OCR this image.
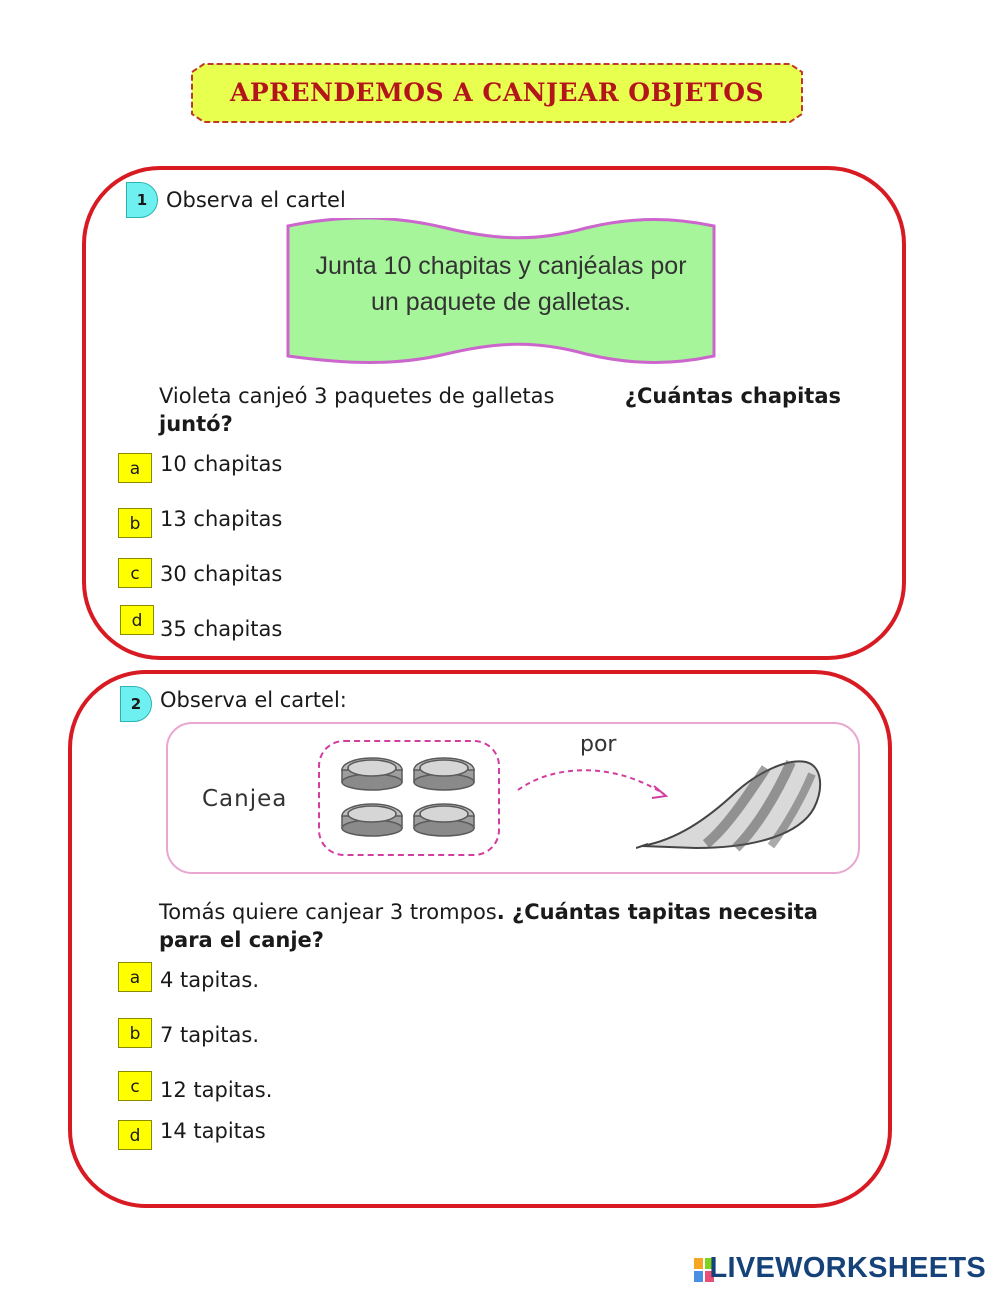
APRENDEMOS A CANJEAR OBJETOS
1 Observa el cartel
Junta 10 chapitas y canjéalas por
un paquete de galletas.
Violeta canjeó 3 paquetes de galletas	¿Cuántas chapitas
juntó?
a 10 chapitas
b 13 chapitas
c 30 chapitas
d 35 chapitas
2 Observa el cartel:
Canjea
por
Tomás quiere canjear 3 trompos. ¿Cuántas tapitas necesita
para el canje?
a 4 tapitas.
b 7 tapitas.
c 12 tapitas.
d 14 tapitas
LIVEWORKSHEETS
